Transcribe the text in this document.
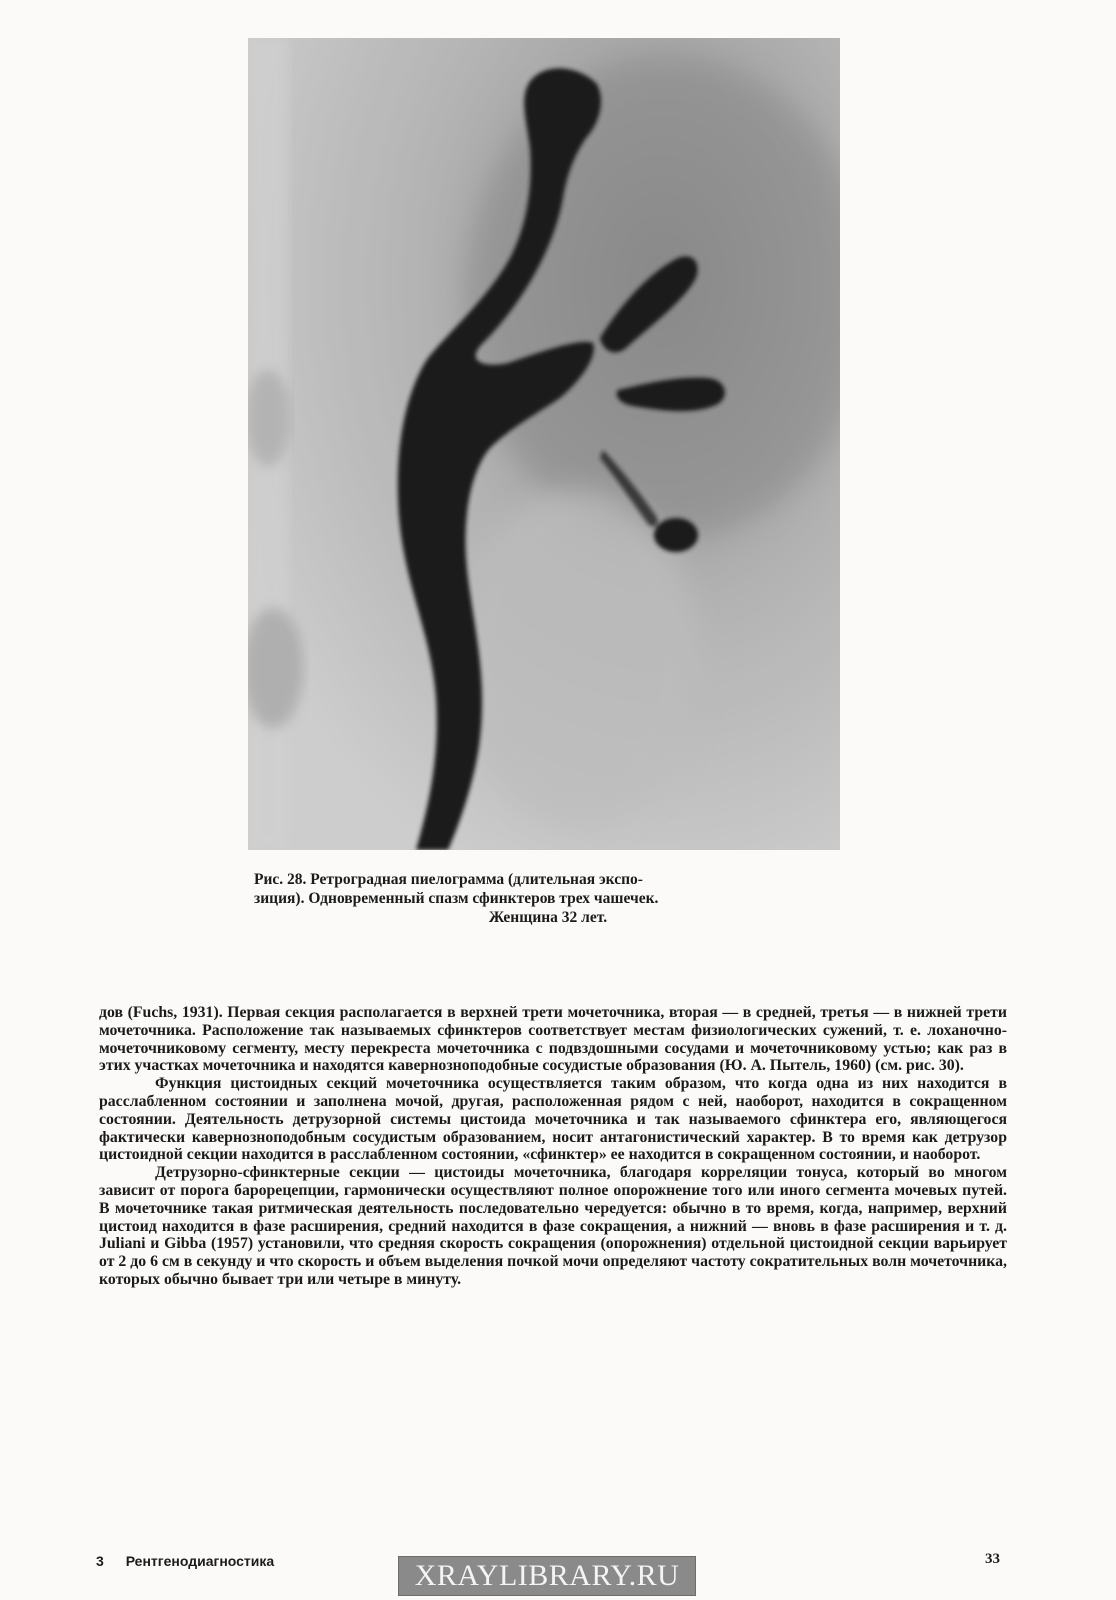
Рис. 28. Ретроградная пиелограмма (длительная экспо-
зиция). Одновременный спазм сфинктеров трех чашечек.
Женщина 32 лет.

дов (Fuchs, 1931). Первая секция располагается в верхней трети мочеточника, вторая — в средней, третья — в нижней трети мочеточника. Расположение так называемых сфинктеров соответствует местам физиологических сужений, т. е. лоханочно-мочеточниковому сегменту, месту перекреста мочеточника с подвздошными сосудами и мочеточниковому устью; как раз в этих участках мочеточника и находятся кавернозноподобные сосудистые образования (Ю. А. Пытель, 1960) (см. рис. 30).

Функция цистоидных секций мочеточника осуществляется таким образом, что когда одна из них находится в расслабленном состоянии и заполнена мочой, другая, расположенная рядом с ней, наоборот, находится в сокращенном состоянии. Деятельность детрузорной системы цистоида мочеточника и так называемого сфинктера его, являющегося фактически кавернозноподобным сосудистым образованием, носит антагонистический характер. В то время как детрузор цистоидной секции находится в расслабленном состоянии, «сфинктер» ее находится в сокращенном состоянии, и наоборот.

Детрузорно-сфинктерные секции — цистоиды мочеточника, благодаря корреляции тонуса, который во многом зависит от порога барорецепции, гармонически осуществляют полное опорожнение того или иного сегмента мочевых путей. В мочеточнике такая ритмическая деятельность последовательно чередуется: обычно в то время, когда, например, верхний цистоид находится в фазе расширения, средний находится в фазе сокращения, а нижний — вновь в фазе расширения и т. д. Juliani и Gibba (1957) установили, что средняя скорость сокращения (опорожнения) отдельной цистоидной секции варьирует от 2 до 6 см в секунду и что скорость и объем выделения почкой мочи определяют частоту сократительных волн мочеточника, которых обычно бывает три или четыре в минуту.

3 Рентгенодиагностика	XRAYLIBRARY.RU	33
